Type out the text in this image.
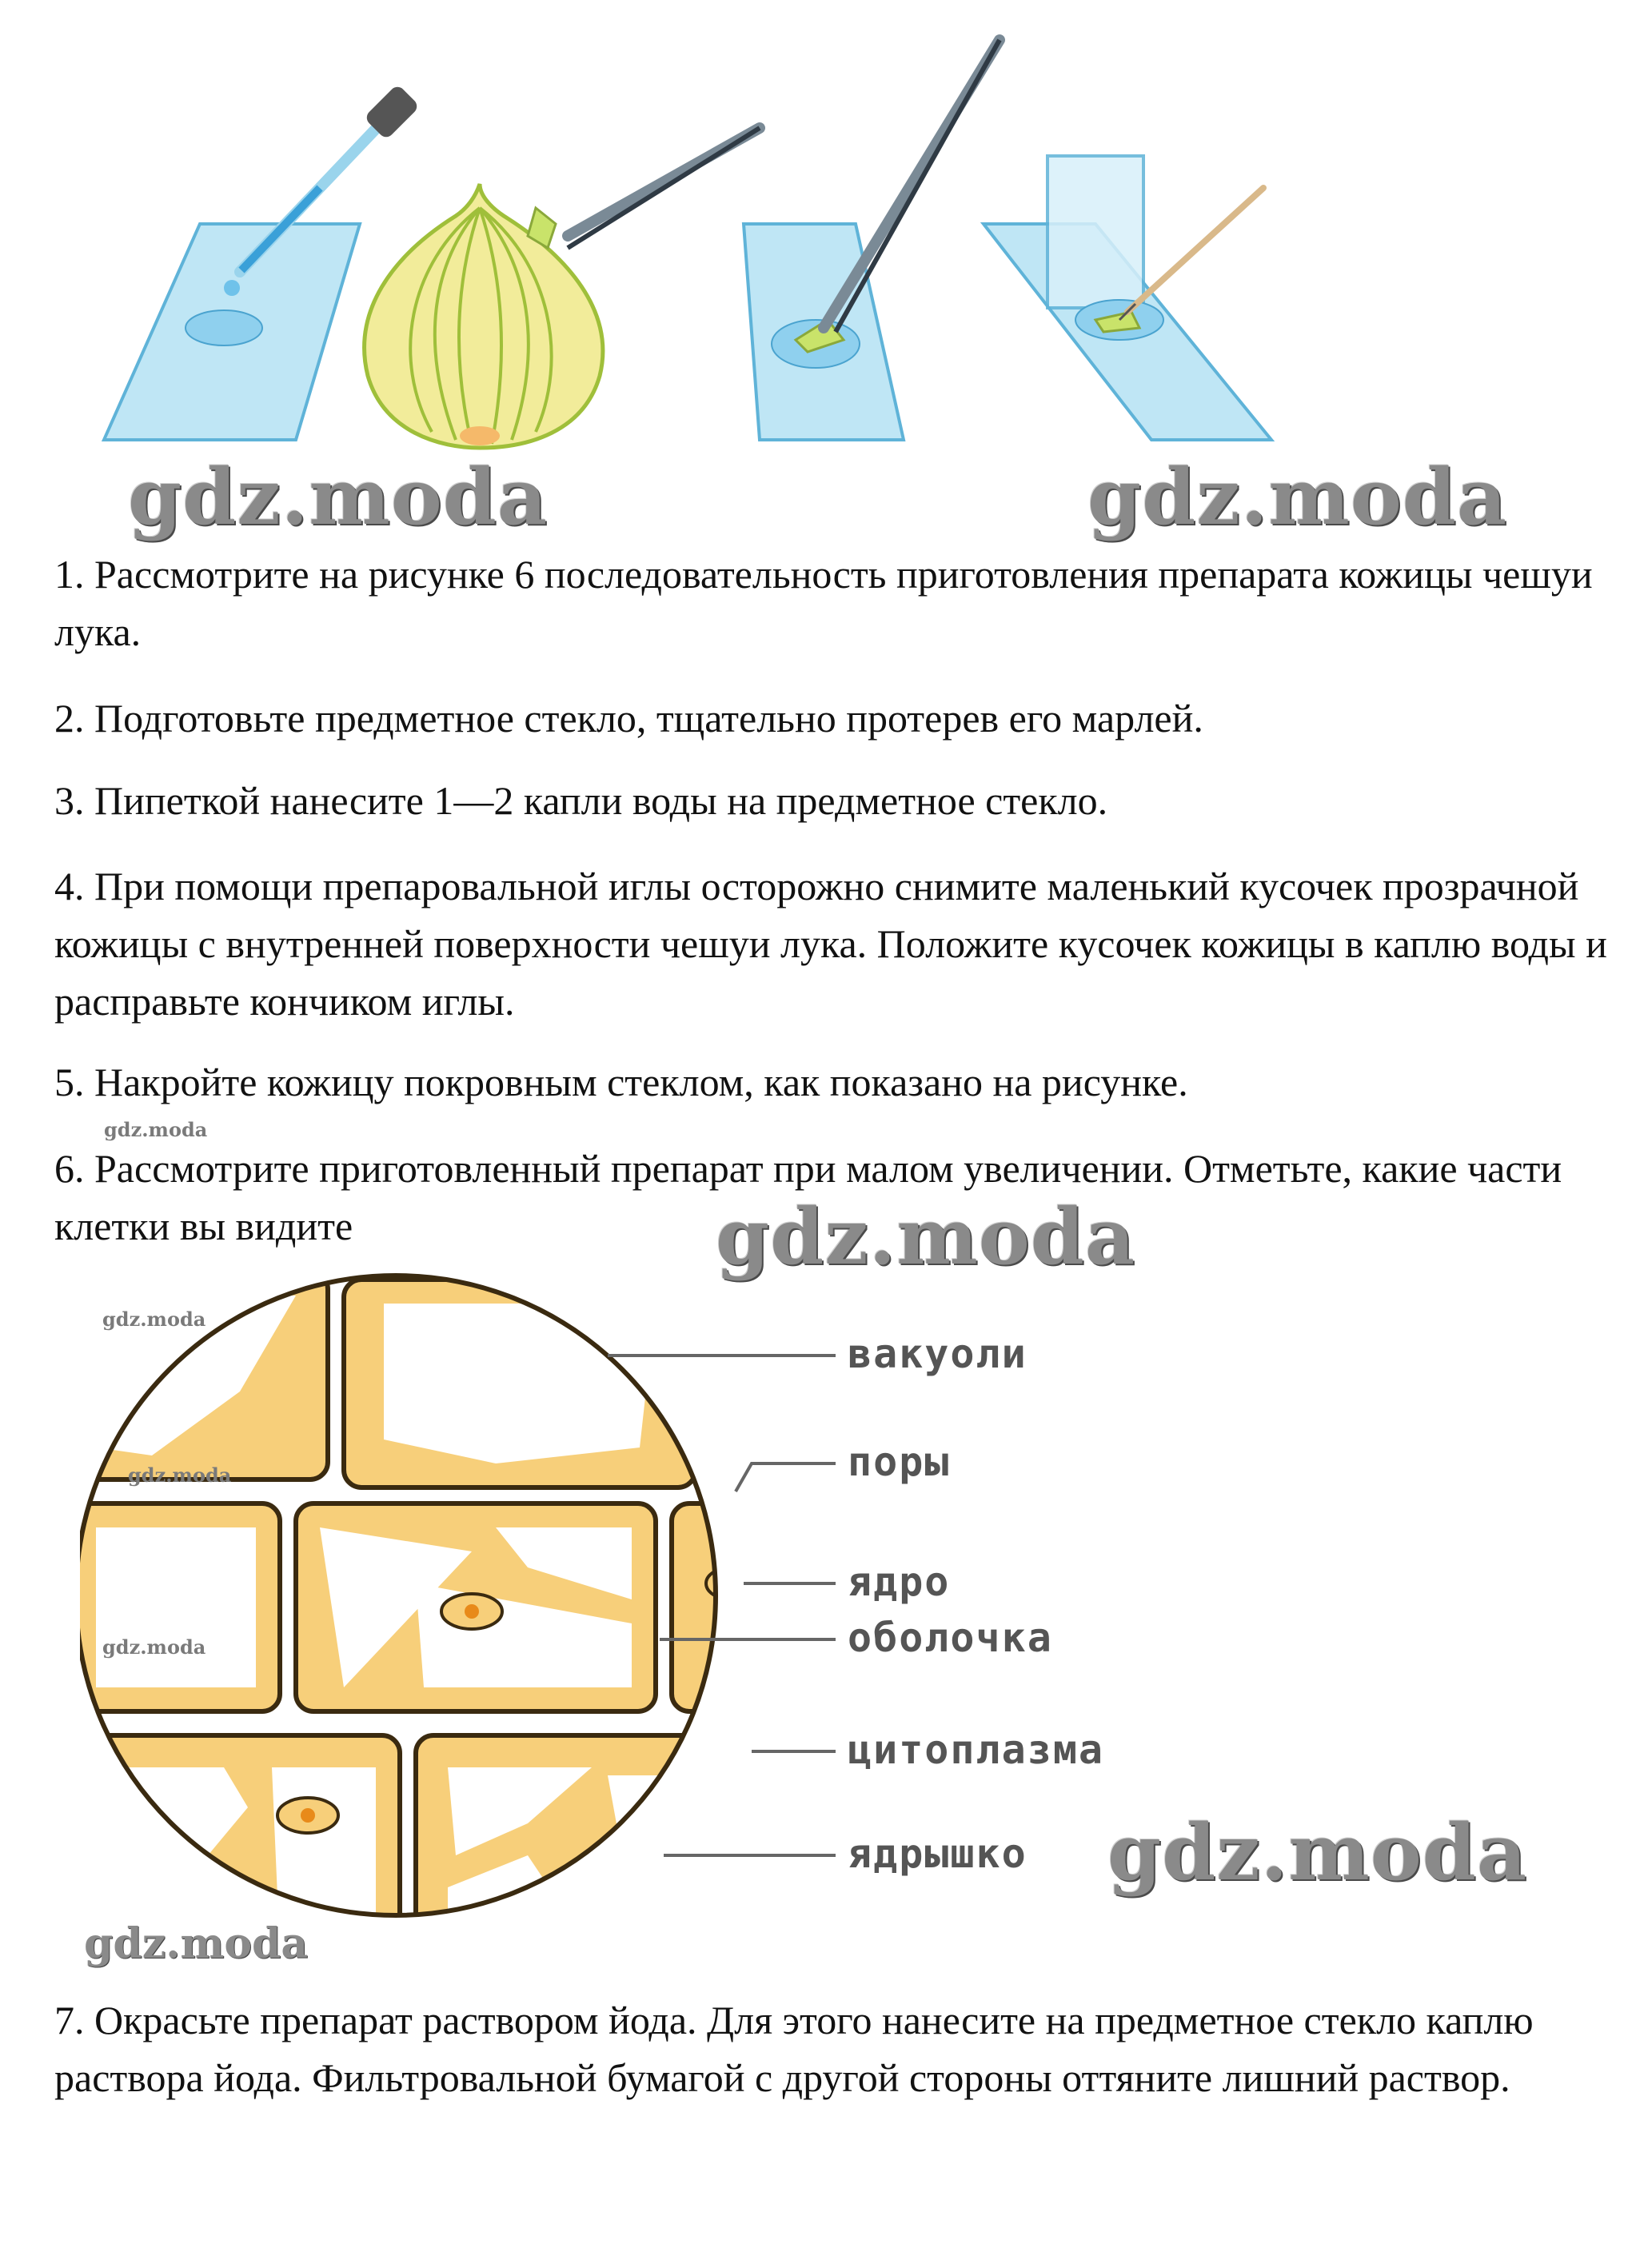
gdz.moda	gdz.moda

1. Рассмотрите на рисунке 6 последовательность приготовления препарата кожицы чешуи лука.

2. Подготовьте предметное стекло, тщательно протерев его марлей.

3. Пипеткой нанесите 1—2 капли воды на предметное стекло.

4. При помощи препаровальной иглы осторожно снимите маленький кусочек прозрачной кожицы с внутренней поверхности чешуи лука. Положите кусочек кожицы в каплю воды и расправьте кончиком иглы.

5. Накройте кожицу покровным стеклом, как показано на рисунке.

gdz.moda

6. Рассмотрите приготовленный препарат при малом увеличении. Отметьте, какие части клетки вы видите	gdz.moda
вакуоли
поры
ядро
оболочка
цитоплазма
ядрышко
gdz.moda
gdz.moda
gdz.moda
gdz.moda
gdz.moda

7. Окрасьте препарат раствором йода. Для этого нанесите на предметное стекло каплю раствора йода. Фильтровальной бумагой с другой стороны оттяните лишний раствор.
